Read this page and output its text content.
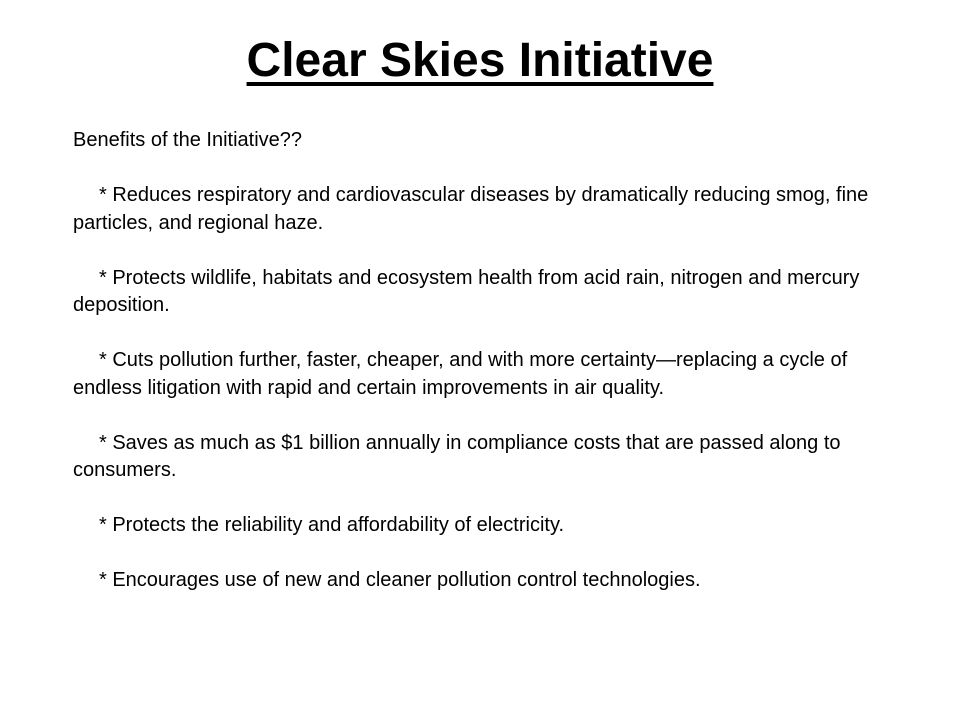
Clear Skies Initiative

Benefits of the Initiative??

* Reduces respiratory and cardiovascular diseases by dramatically reducing smog, fine particles, and regional haze.

* Protects wildlife, habitats and ecosystem health from acid rain, nitrogen and mercury deposition.

* Cuts pollution further, faster, cheaper, and with more certainty—replacing a cycle of endless litigation with rapid and certain improvements in air quality.

* Saves as much as $1 billion annually in compliance costs that are passed along to consumers.

* Protects the reliability and affordability of electricity.

* Encourages use of new and cleaner pollution control technologies.
